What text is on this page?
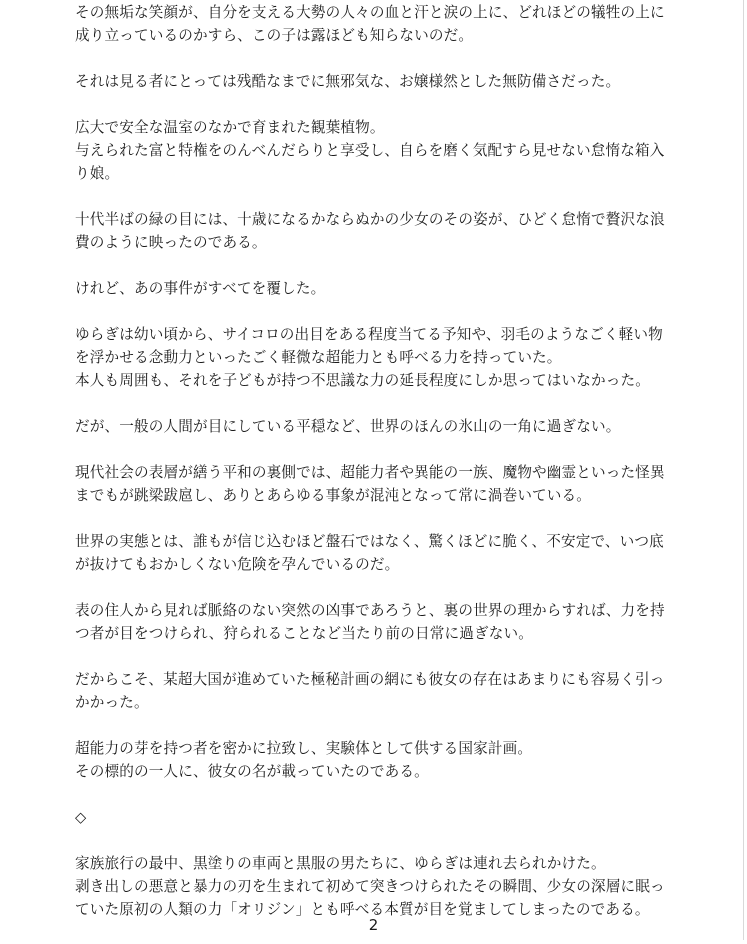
その無垢な笑顔が、自分を支える大勢の人々の血と汗と涙の上に、どれほどの犠牲の上に
成り立っているのかすら、この子は露ほども知らないのだ。

それは見る者にとっては残酷なまでに無邪気な、お嬢様然とした無防備さだった。

広大で安全な温室のなかで育まれた観葉植物。
与えられた富と特権をのんべんだらりと享受し、自らを磨く気配すら見せない怠惰な箱入
り娘。

十代半ばの緑の目には、十歳になるかならぬかの少女のその姿が、ひどく怠惰で贅沢な浪
費のように映ったのである。

けれど、あの事件がすべてを覆した。

ゆらぎは幼い頃から、サイコロの出目をある程度当てる予知や、羽毛のようなごく軽い物
を浮かせる念動力といったごく軽微な超能力とも呼べる力を持っていた。
本人も周囲も、それを子どもが持つ不思議な力の延長程度にしか思ってはいなかった。

だが、一般の人間が目にしている平穏など、世界のほんの氷山の一角に過ぎない。

現代社会の表層が繕う平和の裏側では、超能力者や異能の一族、魔物や幽霊といった怪異
までもが跳梁跋扈し、ありとあらゆる事象が混沌となって常に渦巻いている。

世界の実態とは、誰もが信じ込むほど盤石ではなく、驚くほどに脆く、不安定で、いつ底
が抜けてもおかしくない危険を孕んでいるのだ。

表の住人から見れば脈絡のない突然の凶事であろうと、裏の世界の理からすれば、力を持
つ者が目をつけられ、狩られることなど当たり前の日常に過ぎない。

だからこそ、某超大国が進めていた極秘計画の網にも彼女の存在はあまりにも容易く引っ
かかった。

超能力の芽を持つ者を密かに拉致し、実験体として供する国家計画。
その標的の一人に、彼女の名が載っていたのである。

◇

家族旅行の最中、黒塗りの車両と黒服の男たちに、ゆらぎは連れ去られかけた。
剥き出しの悪意と暴力の刃を生まれて初めて突きつけられたその瞬間、少女の深層に眠っ
ていた原初の人類の力「オリジン」とも呼べる本質が目を覚ましてしまったのである。

2
